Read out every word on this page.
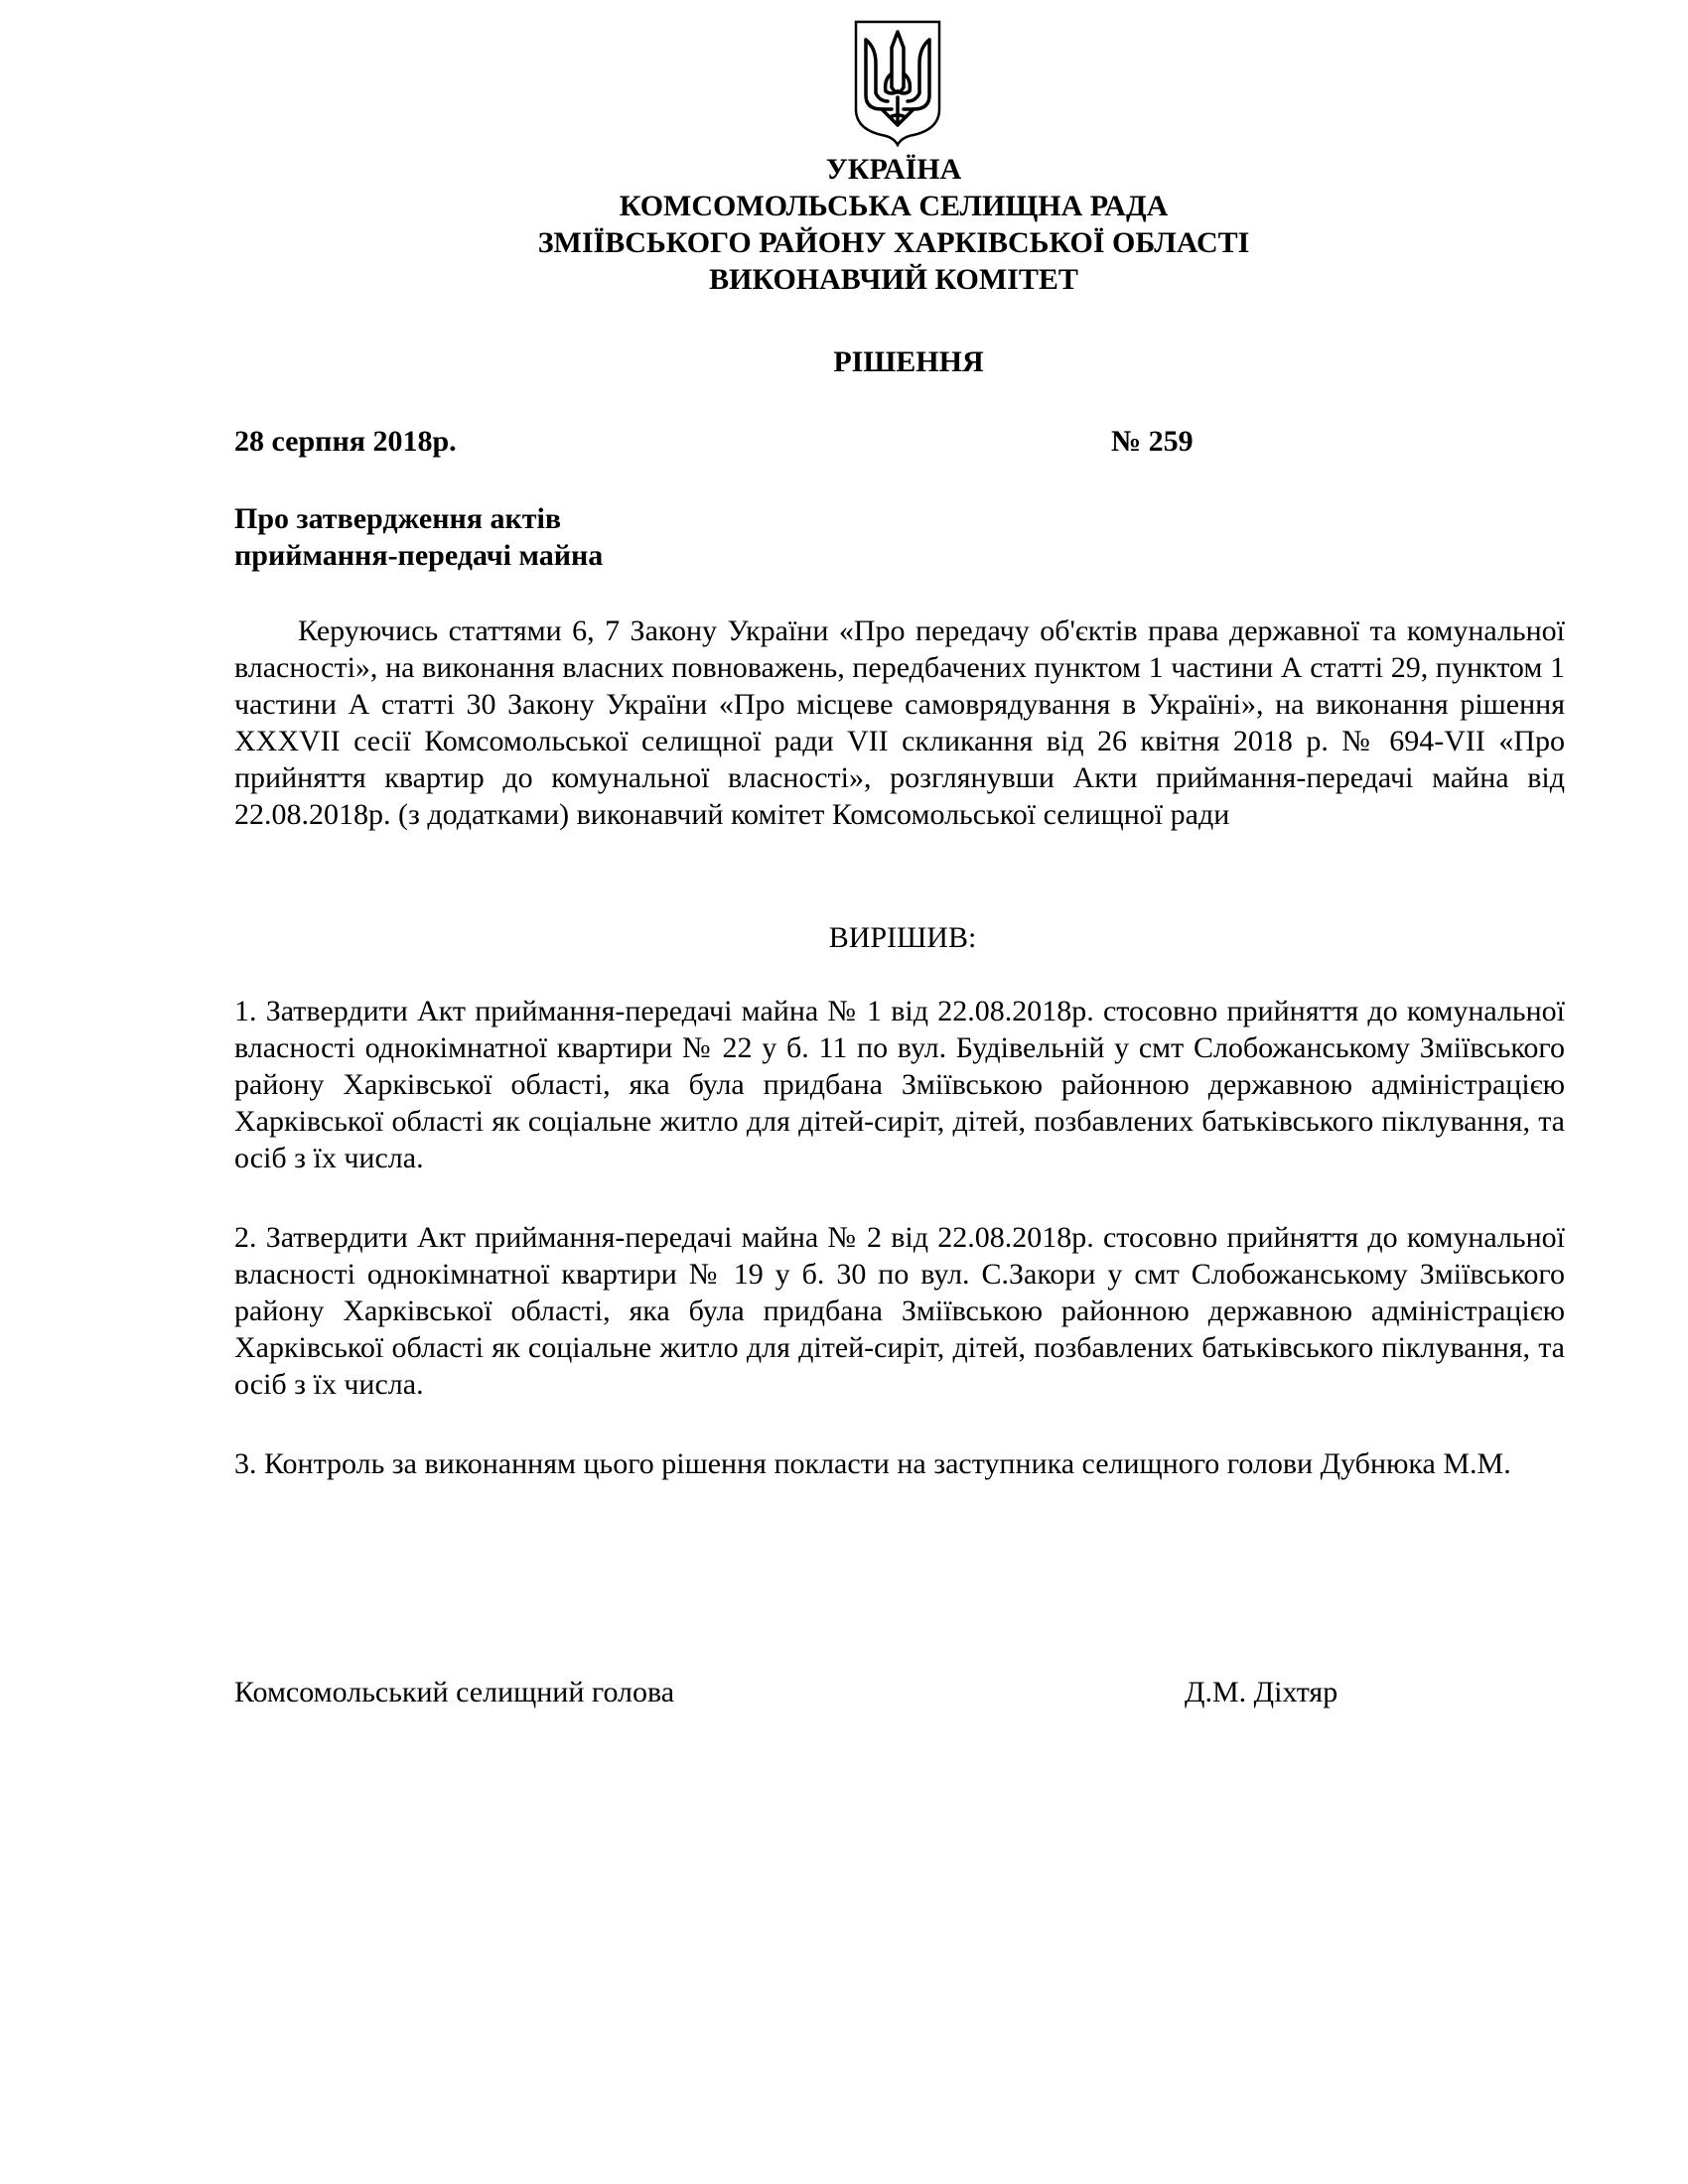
УКРАЇНА
КОМСОМОЛЬСЬКА СЕЛИЩНА РАДА
ЗМІЇВСЬКОГО РАЙОНУ ХАРКІВСЬКОЇ ОБЛАСТІ
ВИКОНАВЧИЙ КОМІТЕТ
РІШЕННЯ
28 серпня 2018р.	№ 259
Про затвердження актів
приймання-передачі майна
Керуючись статтями 6, 7 Закону України «Про передачу об'єктів права державної та комунальної власності», на виконання власних повноважень, передбачених пунктом 1 частини А статті 29, пунктом 1 частини А статті 30 Закону України «Про місцеве самоврядування в Україні», на виконання рішення XXXVII сесії Комсомольської селищної ради VII скликання від 26 квітня 2018 р. № 694-VII «Про прийняття квартир до комунальної власності», розглянувши Акти приймання-передачі майна від 22.08.2018р. (з додатками) виконавчий комітет Комсомольської селищної ради
ВИРІШИВ:
1. Затвердити Акт приймання-передачі майна № 1 від 22.08.2018р. стосовно прийняття до комунальної власності однокімнатної квартири № 22 у б. 11 по вул. Будівельній у смт Слобожанському Зміївського району Харківської області, яка була придбана Зміївською районною державною адміністрацією Харківської області як соціальне житло для дітей-сиріт, дітей, позбавлених батьківського піклування, та осіб з їх числа.
2. Затвердити Акт приймання-передачі майна № 2 від 22.08.2018р. стосовно прийняття до комунальної власності однокімнатної квартири № 19 у б. 30 по вул. С.Закори у смт Слобожанському Зміївського району Харківської області, яка була придбана Зміївською районною державною адміністрацією Харківської області як соціальне житло для дітей-сиріт, дітей, позбавлених батьківського піклування, та осіб з їх числа.
3. Контроль за виконанням цього рішення покласти на заступника селищного голови Дубнюка М.М.
Комсомольський селищний голова	Д.М. Діхтяр
